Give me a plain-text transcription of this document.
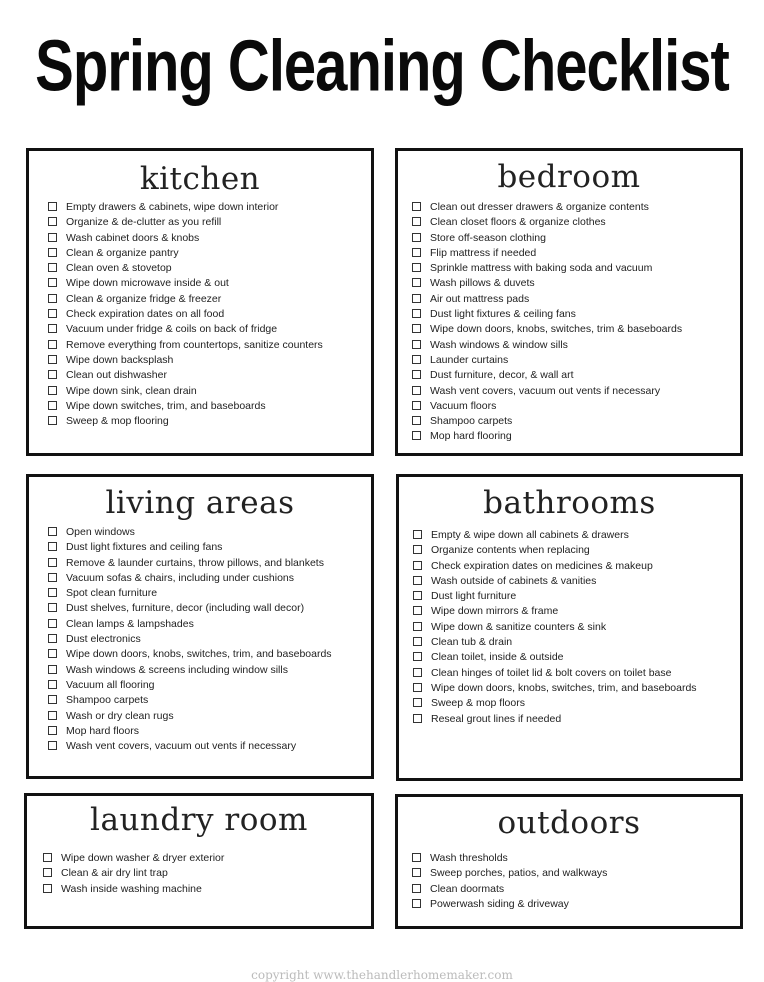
Spring Cleaning Checklist
kitchen
Empty drawers & cabinets, wipe down interior
Organize & de-clutter as you refill
Wash cabinet doors & knobs
Clean & organize pantry
Clean oven & stovetop
Wipe down microwave inside & out
Clean & organize fridge & freezer
Check expiration dates on all food
Vacuum under fridge & coils on back of fridge
Remove everything from countertops, sanitize counters
Wipe down backsplash
Clean out dishwasher
Wipe down sink, clean drain
Wipe down switches, trim, and baseboards
Sweep & mop flooring
bedroom
Clean out dresser drawers & organize contents
Clean closet floors & organize clothes
Store off-season clothing
Flip mattress if needed
Sprinkle mattress with baking soda and vacuum
Wash pillows & duvets
Air out mattress pads
Dust light fixtures & ceiling fans
Wipe down doors, knobs, switches, trim & baseboards
Wash windows & window sills
Launder curtains
Dust furniture, decor, & wall art
Wash vent covers, vacuum out vents if necessary
Vacuum floors
Shampoo carpets
Mop hard flooring
living areas
Open windows
Dust light fixtures and ceiling fans
Remove & launder curtains, throw pillows, and blankets
Vacuum sofas & chairs, including under cushions
Spot clean furniture
Dust shelves, furniture, decor (including wall decor)
Clean lamps & lampshades
Dust electronics
Wipe down doors, knobs, switches, trim, and baseboards
Wash windows & screens including window sills
Vacuum all flooring
Shampoo carpets
Wash or dry clean rugs
Mop hard floors
Wash vent covers, vacuum out vents if necessary
bathrooms
Empty & wipe down all cabinets & drawers
Organize contents when replacing
Check expiration dates on medicines & makeup
Wash outside of cabinets & vanities
Dust light furniture
Wipe down mirrors & frame
Wipe down & sanitize counters & sink
Clean tub & drain
Clean toilet, inside & outside
Clean hinges of toilet lid & bolt covers on toilet base
Wipe down doors, knobs, switches, trim, and baseboards
Sweep & mop floors
Reseal grout lines if needed
laundry room
Wipe down washer & dryer exterior
Clean & air dry lint trap
Wash inside washing machine
outdoors
Wash thresholds
Sweep porches, patios, and walkways
Clean doormats
Powerwash siding & driveway
copyright www.thehandlerhomemaker.com
